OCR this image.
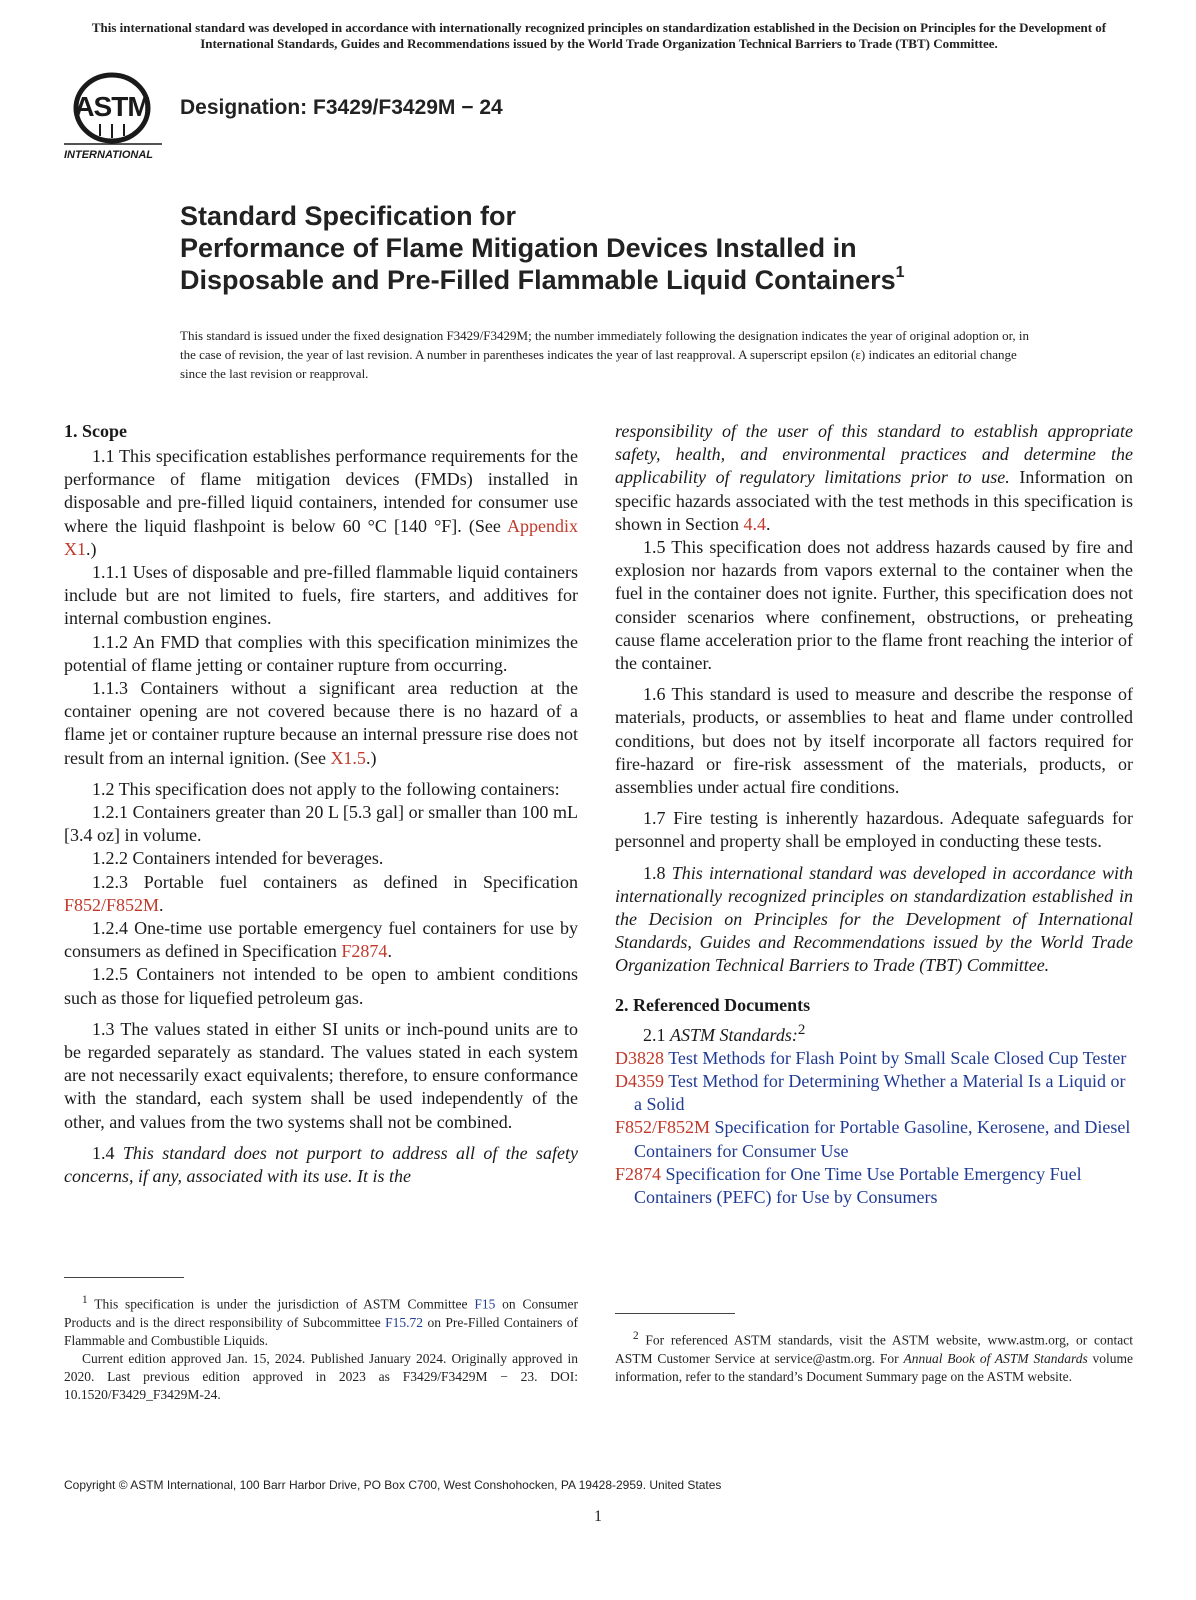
This international standard was developed in accordance with internationally recognized principles on standardization established in the Decision on Principles for the Development of International Standards, Guides and Recommendations issued by the World Trade Organization Technical Barriers to Trade (TBT) Committee.
ASTM
INTERNATIONAL
Designation: F3429/F3429M − 24
Standard Specification for
Performance of Flame Mitigation Devices Installed in
Disposable and Pre-Filled Flammable Liquid Containers$^1$
This standard is issued under the fixed designation F3429/F3429M; the number immediately following the designation indicates the year of original adoption or, in the case of revision, the year of last revision. A number in parentheses indicates the year of last reapproval. A superscript epsilon (ε) indicates an editorial change since the last revision or reapproval.
1. Scope

1.1 This specification establishes performance requirements for the performance of flame mitigation devices (FMDs) installed in disposable and pre-filled liquid containers, intended for consumer use where the liquid flashpoint is below 60 °C [140 °F]. (See Appendix X1.)

1.1.1 Uses of disposable and pre-filled flammable liquid containers include but are not limited to fuels, fire starters, and additives for internal combustion engines.

1.1.2 An FMD that complies with this specification minimizes the potential of flame jetting or container rupture from occurring.

1.1.3 Containers without a significant area reduction at the container opening are not covered because there is no hazard of a flame jet or container rupture because an internal pressure rise does not result from an internal ignition. (See X1.5.)

1.2 This specification does not apply to the following containers:

1.2.1 Containers greater than 20 L [5.3 gal] or smaller than 100 mL [3.4 oz] in volume.

1.2.2 Containers intended for beverages.

1.2.3 Portable fuel containers as defined in Specification F852/F852M.

1.2.4 One-time use portable emergency fuel containers for use by consumers as defined in Specification F2874.

1.2.5 Containers not intended to be open to ambient conditions such as those for liquefied petroleum gas.

1.3 The values stated in either SI units or inch-pound units are to be regarded separately as standard. The values stated in each system are not necessarily exact equivalents; therefore, to ensure conformance with the standard, each system shall be used independently of the other, and values from the two systems shall not be combined.

1.4 This standard does not purport to address all of the safety concerns, if any, associated with its use. It is the

$^1$ This specification is under the jurisdiction of ASTM Committee F15 on Consumer Products and is the direct responsibility of Subcommittee F15.72 on Pre-Filled Containers of Flammable and Combustible Liquids.

Current edition approved Jan. 15, 2024. Published January 2024. Originally approved in 2020. Last previous edition approved in 2023 as F3429/F3429M − 23. DOI: 10.1520/F3429_F3429M-24.

responsibility of the user of this standard to establish appropriate safety, health, and environmental practices and determine the applicability of regulatory limitations prior to use. Information on specific hazards associated with the test methods in this specification is shown in Section 4.4.

1.5 This specification does not address hazards caused by fire and explosion nor hazards from vapors external to the container when the fuel in the container does not ignite. Further, this specification does not consider scenarios where confinement, obstructions, or preheating cause flame acceleration prior to the flame front reaching the interior of the container.

1.6 This standard is used to measure and describe the response of materials, products, or assemblies to heat and flame under controlled conditions, but does not by itself incorporate all factors required for fire-hazard or fire-risk assessment of the materials, products, or assemblies under actual fire conditions.

1.7 Fire testing is inherently hazardous. Adequate safeguards for personnel and property shall be employed in conducting these tests.

1.8 This international standard was developed in accordance with internationally recognized principles on standardization established in the Decision on Principles for the Development of International Standards, Guides and Recommendations issued by the World Trade Organization Technical Barriers to Trade (TBT) Committee.

2. Referenced Documents

2.1 ASTM Standards:$^2$

D3828 Test Methods for Flash Point by Small Scale Closed Cup Tester

D4359 Test Method for Determining Whether a Material Is a Liquid or a Solid

F852/F852M Specification for Portable Gasoline, Kerosene, and Diesel Containers for Consumer Use

F2874 Specification for One Time Use Portable Emergency Fuel Containers (PEFC) for Use by Consumers

$^2$ For referenced ASTM standards, visit the ASTM website, www.astm.org, or contact ASTM Customer Service at service@astm.org. For Annual Book of ASTM Standards volume information, refer to the standard’s Document Summary page on the ASTM website.

Copyright © ASTM International, 100 Barr Harbor Drive, PO Box C700, West Conshohocken, PA 19428-2959. United States
1
